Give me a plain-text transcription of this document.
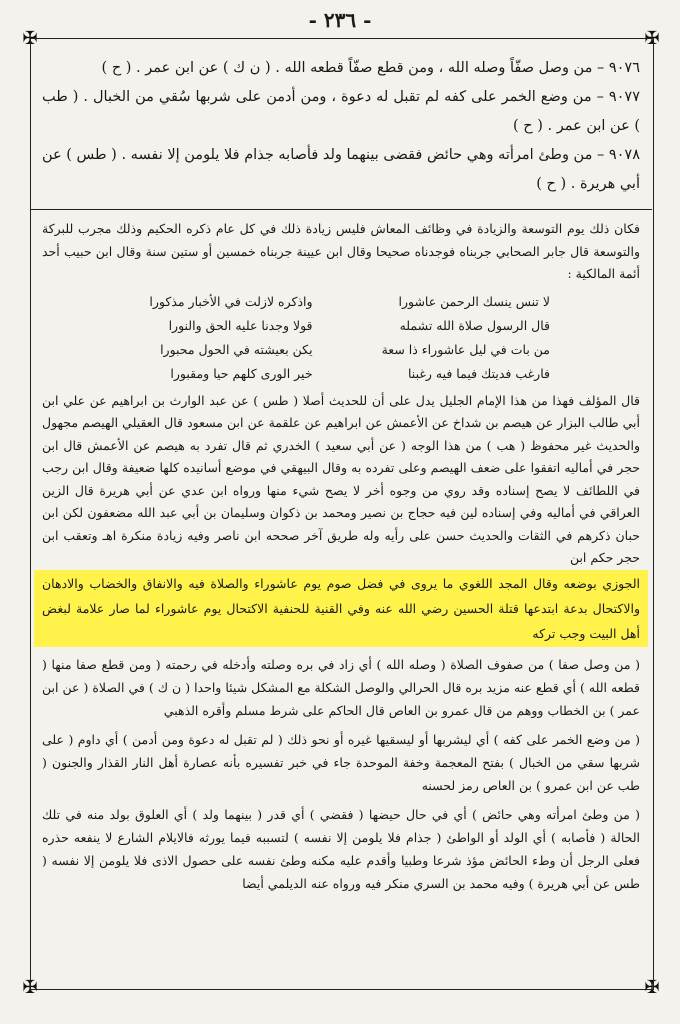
✠	✠
✠	✠
- ٢٣٦ -

٩٠٧٦ – من وصل صفّاً وصله الله ، ومن قطع صفّاً قطعه الله . ( ن ك ) عن ابن عمر . ( ح )

٩٠٧٧ – من وضع الخمر على كفه لم تقبل له دعوة ، ومن أدمن على شربها سُقي من الخبال . ( طب ) عن ابن عمر . ( ح )

٩٠٧٨ – من وطئ امرأته وهي حائض فقضى بينهما ولد فأصابه جذام فلا يلومن إلا نفسه . ( طس ) عن أبي هريرة . ( ح )

فكان ذلك يوم التوسعة والزيادة في وظائف المعاش فليس زيادة ذلك في كل عام ذكره الحكيم وذلك مجرب للبركة والتوسعة قال جابر الصحابي جربناه فوجدناه صحيحا وقال ابن عيينة جربناه خمسين أو ستين سنة وقال ابن حبيب أحد أئمة المالكية :

لا تنس ينسك الرحمن عاشورا
واذكره لازلت في الأخبار مذكورا
قال الرسول صلاة الله تشمله
قولا وجدنا عليه الحق والنورا
من بات في ليل عاشوراء ذا سعة
يكن بعيشته في الحول محبورا
فارغب فديتك فيما فيه رغبنا
خير الورى كلهم حيا ومقبورا

قال المؤلف فهذا من هذا الإمام الجليل يدل على أن للحديث أصلا ( طس ) عن عبد الوارث بن ابراهيم عن علي ابن أبي طالب البزار عن هيصم بن شداخ عن الأعمش عن ابراهيم عن علقمة عن ابن مسعود قال العقيلي الهيصم مجهول والحديث غير محفوظ ( هب ) من هذا الوجه ( عن أبي سعيد ) الخدري ثم قال تفرد به هيصم عن الأعمش قال ابن حجر في أماليه اتفقوا على ضعف الهيصم وعلى تفرده به وقال البيهقي في موضع أسانيده كلها ضعيفة وقال ابن رجب في اللطائف لا يصح إسناده وقد روي من وجوه أخر لا يصح شيء منها ورواه ابن عدي عن أبي هريرة قال الزين العراقي في أماليه وفي إسناده لين فيه حجاج بن نصير ومحمد بن ذكوان وسليمان بن أبي عبد الله مضعفون لكن ابن حبان ذكرهم في الثقات والحديث حسن على رأيه وله طريق آخر صححه ابن ناصر وفيه زيادة منكرة اهـ وتعقب ابن حجر حكم ابن

الجوزي بوضعه وقال المجد اللغوي ما يروى في فضل صوم يوم عاشوراء والصلاة فيه والانفاق والخضاب والادهان والاكتحال بدعة ابتدعها قتلة الحسين رضي الله عنه وفي القنية للحنفية الاكتحال يوم عاشوراء لما صار علامة لبغض أهل البيت وجب تركه

( من وصل صفا ) من صفوف الصلاة ( وصله الله ) أي زاد في بره وصلته وأدخله في رحمته ( ومن قطع صفا منها ( قطعه الله ) أي قطع عنه مزيد بره قال الحرالي والوصل الشكلة مع المشكل شيئا واحدا ( ن ك ) في الصلاة ( عن ابن عمر ) بن الخطاب ووهم من قال عمرو بن العاص قال الحاكم على شرط مسلم وأقره الذهبي

( من وضع الخمر على كفه ) أي ليشربها أو ليسقيها غيره أو نحو ذلك ( لم تقبل له دعوة ومن أدمن ) أي داوم ( على شربها سقي من الخبال ) بفتح المعجمة وخفة الموحدة جاء في خبر تفسيره بأنه عصارة أهل النار القذار والجنون ( طب عن ابن عمرو ) بن العاص رمز لحسنه

( من وطئ امرأته وهي حائض ) أي في حال حيضها ( فقضي ) أي قدر ( بينهما ولد ) أي العلوق بولد منه في تلك الحالة ( فأصابه ) أي الولد أو الواطئ ( جذام فلا يلومن إلا نفسه ) لتسببه فيما يورثه فالايلام الشارع لا ينفعه حذره فعلى الرجل أن وطء الحائض مؤذ شرعا وطبيا وأقدم عليه مكنه وطئ نفسه على حصول الاذى فلا يلومن إلا نفسه ( طس عن أبي هريرة ) وفيه محمد بن السري منكر فيه ورواه عنه الديلمي أيضا
